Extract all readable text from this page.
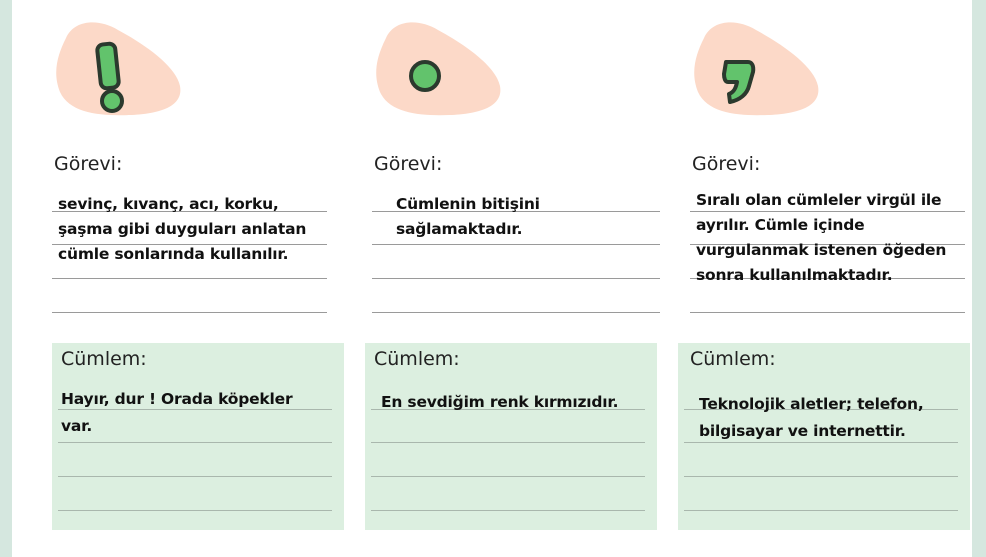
Görevi:
sevinç, kıvanç, acı, korku,
şaşma gibi duyguları anlatan
cümle sonlarında kullanılır.
Cümlem:
Hayır, dur ! Orada köpekler
var.
Görevi:
Cümlenin bitişini
sağlamaktadır.
Cümlem:
En sevdiğim renk kırmızıdır.
Görevi:
Sıralı olan cümleler virgül ile
ayrılır. Cümle içinde
vurgulanmak istenen öğeden
sonra kullanılmaktadır.
Cümlem:
Teknolojik aletler; telefon,
bilgisayar ve internettir.
